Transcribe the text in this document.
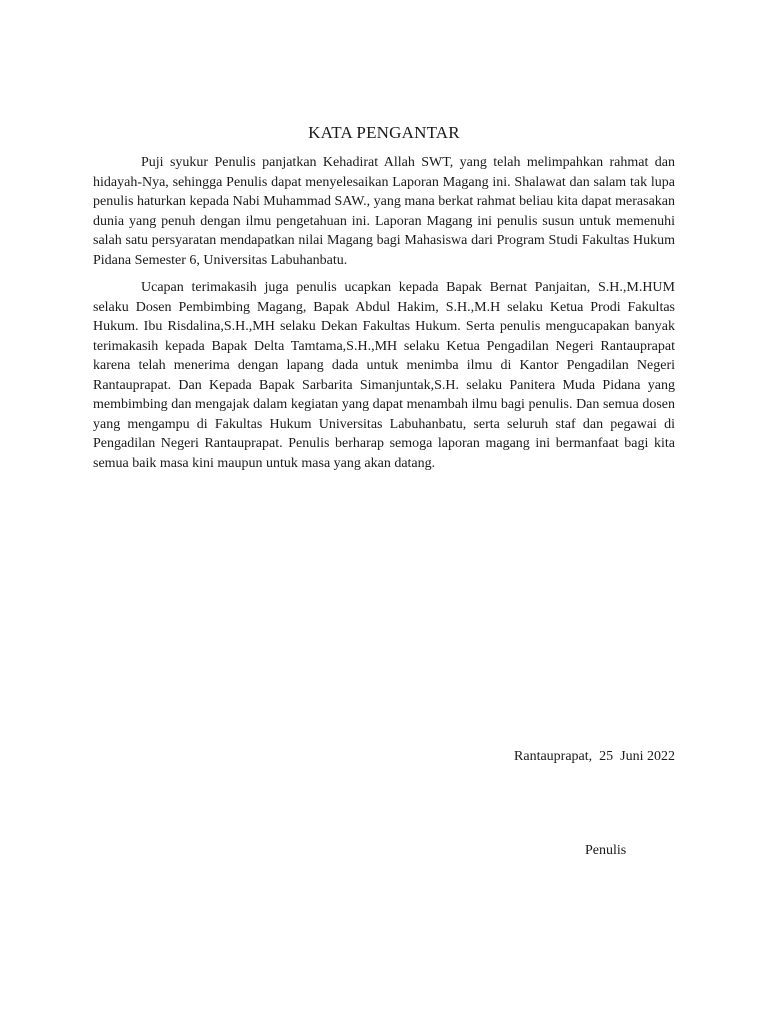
KATA PENGANTAR

Puji syukur Penulis panjatkan Kehadirat Allah SWT, yang telah melimpahkan rahmat dan hidayah-Nya, sehingga Penulis dapat menyelesaikan Laporan Magang ini. Shalawat dan salam tak lupa penulis haturkan kepada Nabi Muhammad SAW., yang mana berkat rahmat beliau kita dapat merasakan dunia yang penuh dengan ilmu pengetahuan ini. Laporan Magang ini penulis susun untuk memenuhi salah satu persyaratan mendapatkan nilai Magang bagi Mahasiswa dari Program Studi Fakultas Hukum Pidana Semester 6, Universitas Labuhanbatu.

Ucapan terimakasih juga penulis ucapkan kepada Bapak Bernat Panjaitan, S.H.,M.HUM selaku Dosen Pembimbing Magang, Bapak Abdul Hakim, S.H.,M.H selaku Ketua Prodi Fakultas Hukum. Ibu Risdalina,S.H.,MH selaku Dekan Fakultas Hukum. Serta penulis mengucapakan banyak terimakasih kepada Bapak Delta Tamtama,S.H.,MH selaku Ketua Pengadilan Negeri Rantauprapat karena telah menerima dengan lapang dada untuk menimba ilmu di Kantor Pengadilan Negeri Rantauprapat. Dan Kepada Bapak Sarbarita Simanjuntak,S.H. selaku Panitera Muda Pidana yang membimbing dan mengajak dalam kegiatan yang dapat menambah ilmu bagi penulis. Dan semua dosen yang mengampu di Fakultas Hukum Universitas Labuhanbatu, serta seluruh staf dan pegawai di Pengadilan Negeri Rantauprapat. Penulis berharap semoga laporan magang ini bermanfaat bagi kita semua baik masa kini maupun untuk masa yang akan datang.

Rantauprapat,  25  Juni 2022
Penulis
